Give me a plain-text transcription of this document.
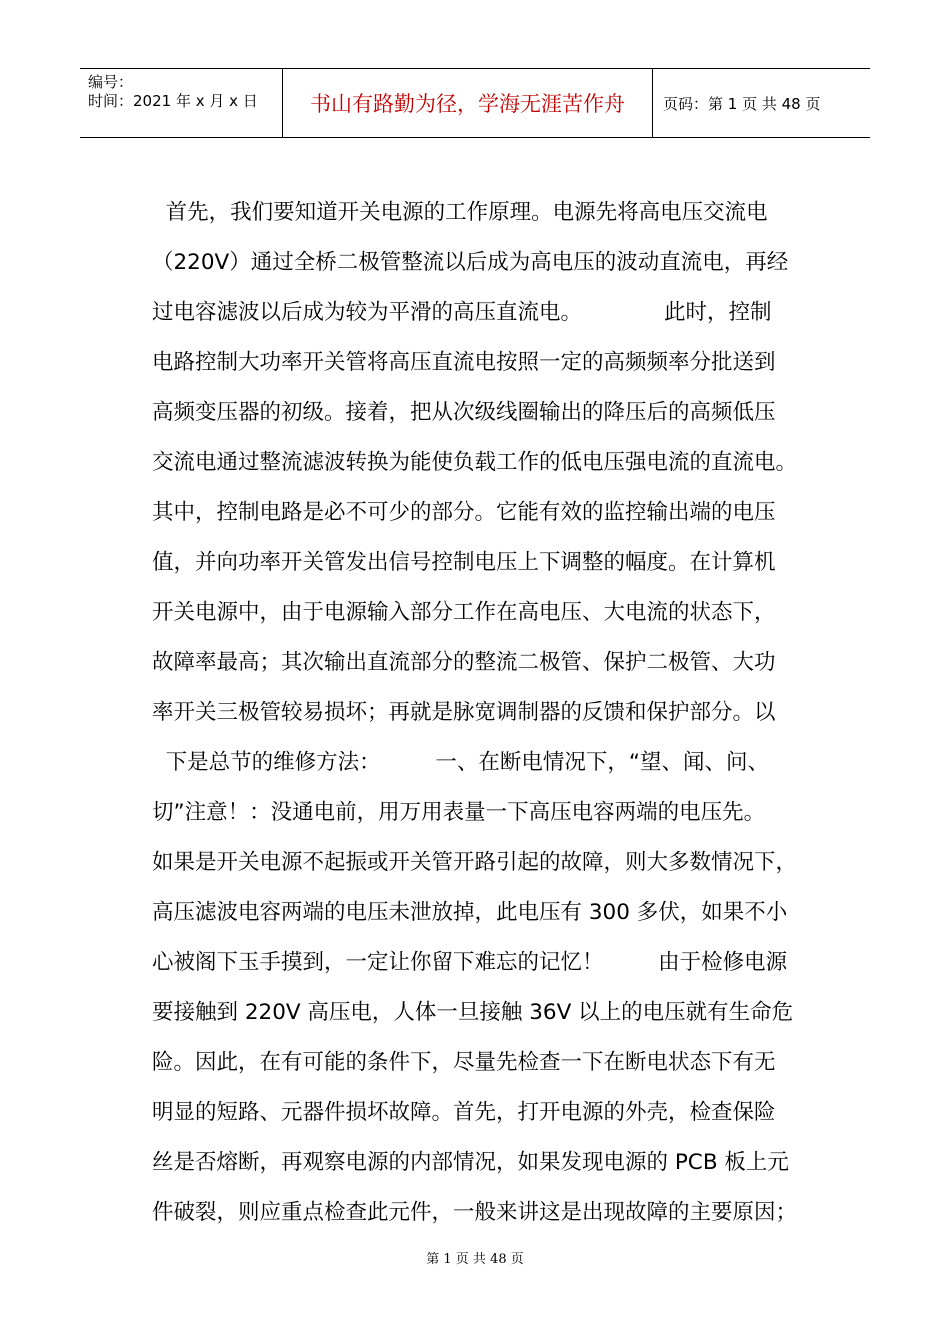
编号：
时间：2021 年 x 月 x 日	书山有路勤为径，学海无涯苦作舟	页码：第 1 页 共 48 页
首先，我们要知道开关电源的工作原理。电源先将高电压交流电
（220V）通过全桥二极管整流以后成为高电压的波动直流电，再经
过电容滤波以后成为较为平滑的高压直流电。            此时，控制
电路控制大功率开关管将高压直流电按照一定的高频频率分批送到
高频变压器的初级。接着，把从次级线圈输出的降压后的高频低压
交流电通过整流滤波转换为能使负载工作的低电压强电流的直流电。
其中，控制电路是必不可少的部分。它能有效的监控输出端的电压
值，并向功率开关管发出信号控制电压上下调整的幅度。在计算机
开关电源中，由于电源输入部分工作在高电压、大电流的状态下，
故障率最高；其次输出直流部分的整流二极管、保护二极管、大功
率开关三极管较易损坏；再就是脉宽调制器的反馈和保护部分。以
下是总节的维修方法：        一、在断电情况下，“望、闻、问、
切”注意！：没通电前，用万用表量一下高压电容两端的电压先。
如果是开关电源不起振或开关管开路引起的故障，则大多数情况下，
高压滤波电容两端的电压未泄放掉，此电压有 300 多伏，如果不小
心被阁下玉手摸到，一定让你留下难忘的记忆！        由于检修电源
要接触到 220V 高压电，人体一旦接触 36V 以上的电压就有生命危
险。因此，在有可能的条件下，尽量先检查一下在断电状态下有无
明显的短路、元器件损坏故障。首先，打开电源的外壳，检查保险
丝是否熔断，再观察电源的内部情况，如果发现电源的 PCB 板上元
件破裂，则应重点检查此元件，一般来讲这是出现故障的主要原因；
第 1 页 共 48 页
